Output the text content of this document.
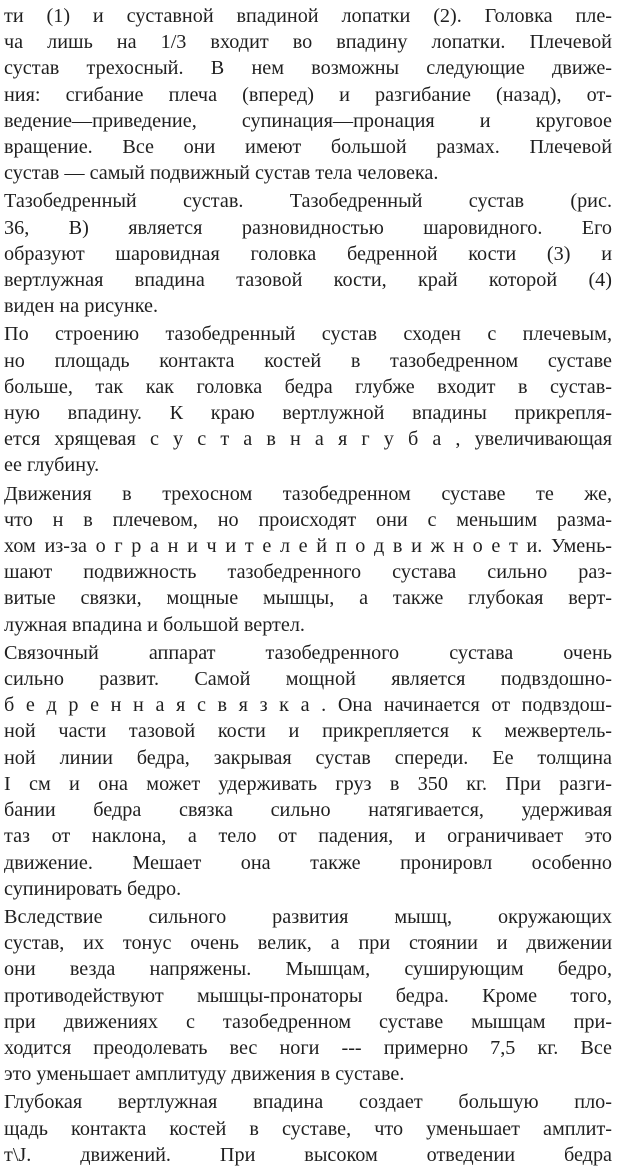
ти (1) и суставной впадиной лопатки (2). Головка пле-
ча лишь на 1/3 входит во впадину лопатки. Плечевой
сустав трехосный. В нем возможны следующие движе-
ния: сгибание плеча (вперед) и разгибание (назад), от-
ведение—приведение, супинация—пронация и круговое
вращение. Все они имеют большой размах. Плечевой
сустав — самый подвижный сустав тела человека.
Тазобедренный сустав. Тазобедренный сустав (рис.
36, В) является разновидностью шаровидного. Его
образуют шаровидная головка бедренной кости (3) и
вертлужная впадина тазовой кости, край которой (4)
виден на рисунке.
По строению тазобедренный сустав сходен с плечевым,
но площадь контакта костей в тазобедренном суставе
больше, так как головка бедра глубже входит в сустав-
ную впадину. К краю вертлужной впадины прикрепля-
ется хрящевая с у с т а в н а я г у б а , увеличивающая
ее глубину.
Движения в трехосном тазобедренном суставе те же,
что н в плечевом, но происходят они с меньшим разма-
хом из-за о г р а н и ч и т е л е й п о д в и ж н о е т и. Умень-
шают подвижность тазобедренного сустава сильно раз-
витые связки, мощные мышцы, а также глубокая верт-
лужная впадина и большой вертел.
Связочный аппарат тазобедренного сустава очень
сильно развит. Самой мощной является подвздошно-
б е д р е н н а я с в я з к а . Она начинается от подвздош-
ной части тазовой кости и прикрепляется к межвертель-
ной линии бедра, закрывая сустав спереди. Ее толщина
I см и она может удерживать груз в 350 кг. При разги-
бании бедра связка сильно натягивается, удерживая
таз от наклона, а тело от падения, и ограничивает это
движение. Мешает она также пронировл особенно
супинировать бедро.
Вследствие сильного развития мышц, окружающих
сустав, их тонус очень велик, а при стоянии и движении
они везда напряжены. Мышцам, суширующим бедро,
противодействуют мышцы-пронаторы бедра. Кроме того,
при движениях с тазобедренном суставе мышцам при-
ходится преодолевать вес ноги --- примерно 7,5 кг. Все
это уменьшает амплитуду движения в суставе.
Глубокая вертлужная впадина создает большую пло-
щадь контакта костей в суставе, что уменьшает амплит-
т\J. движений. При высоком отведении бедра
